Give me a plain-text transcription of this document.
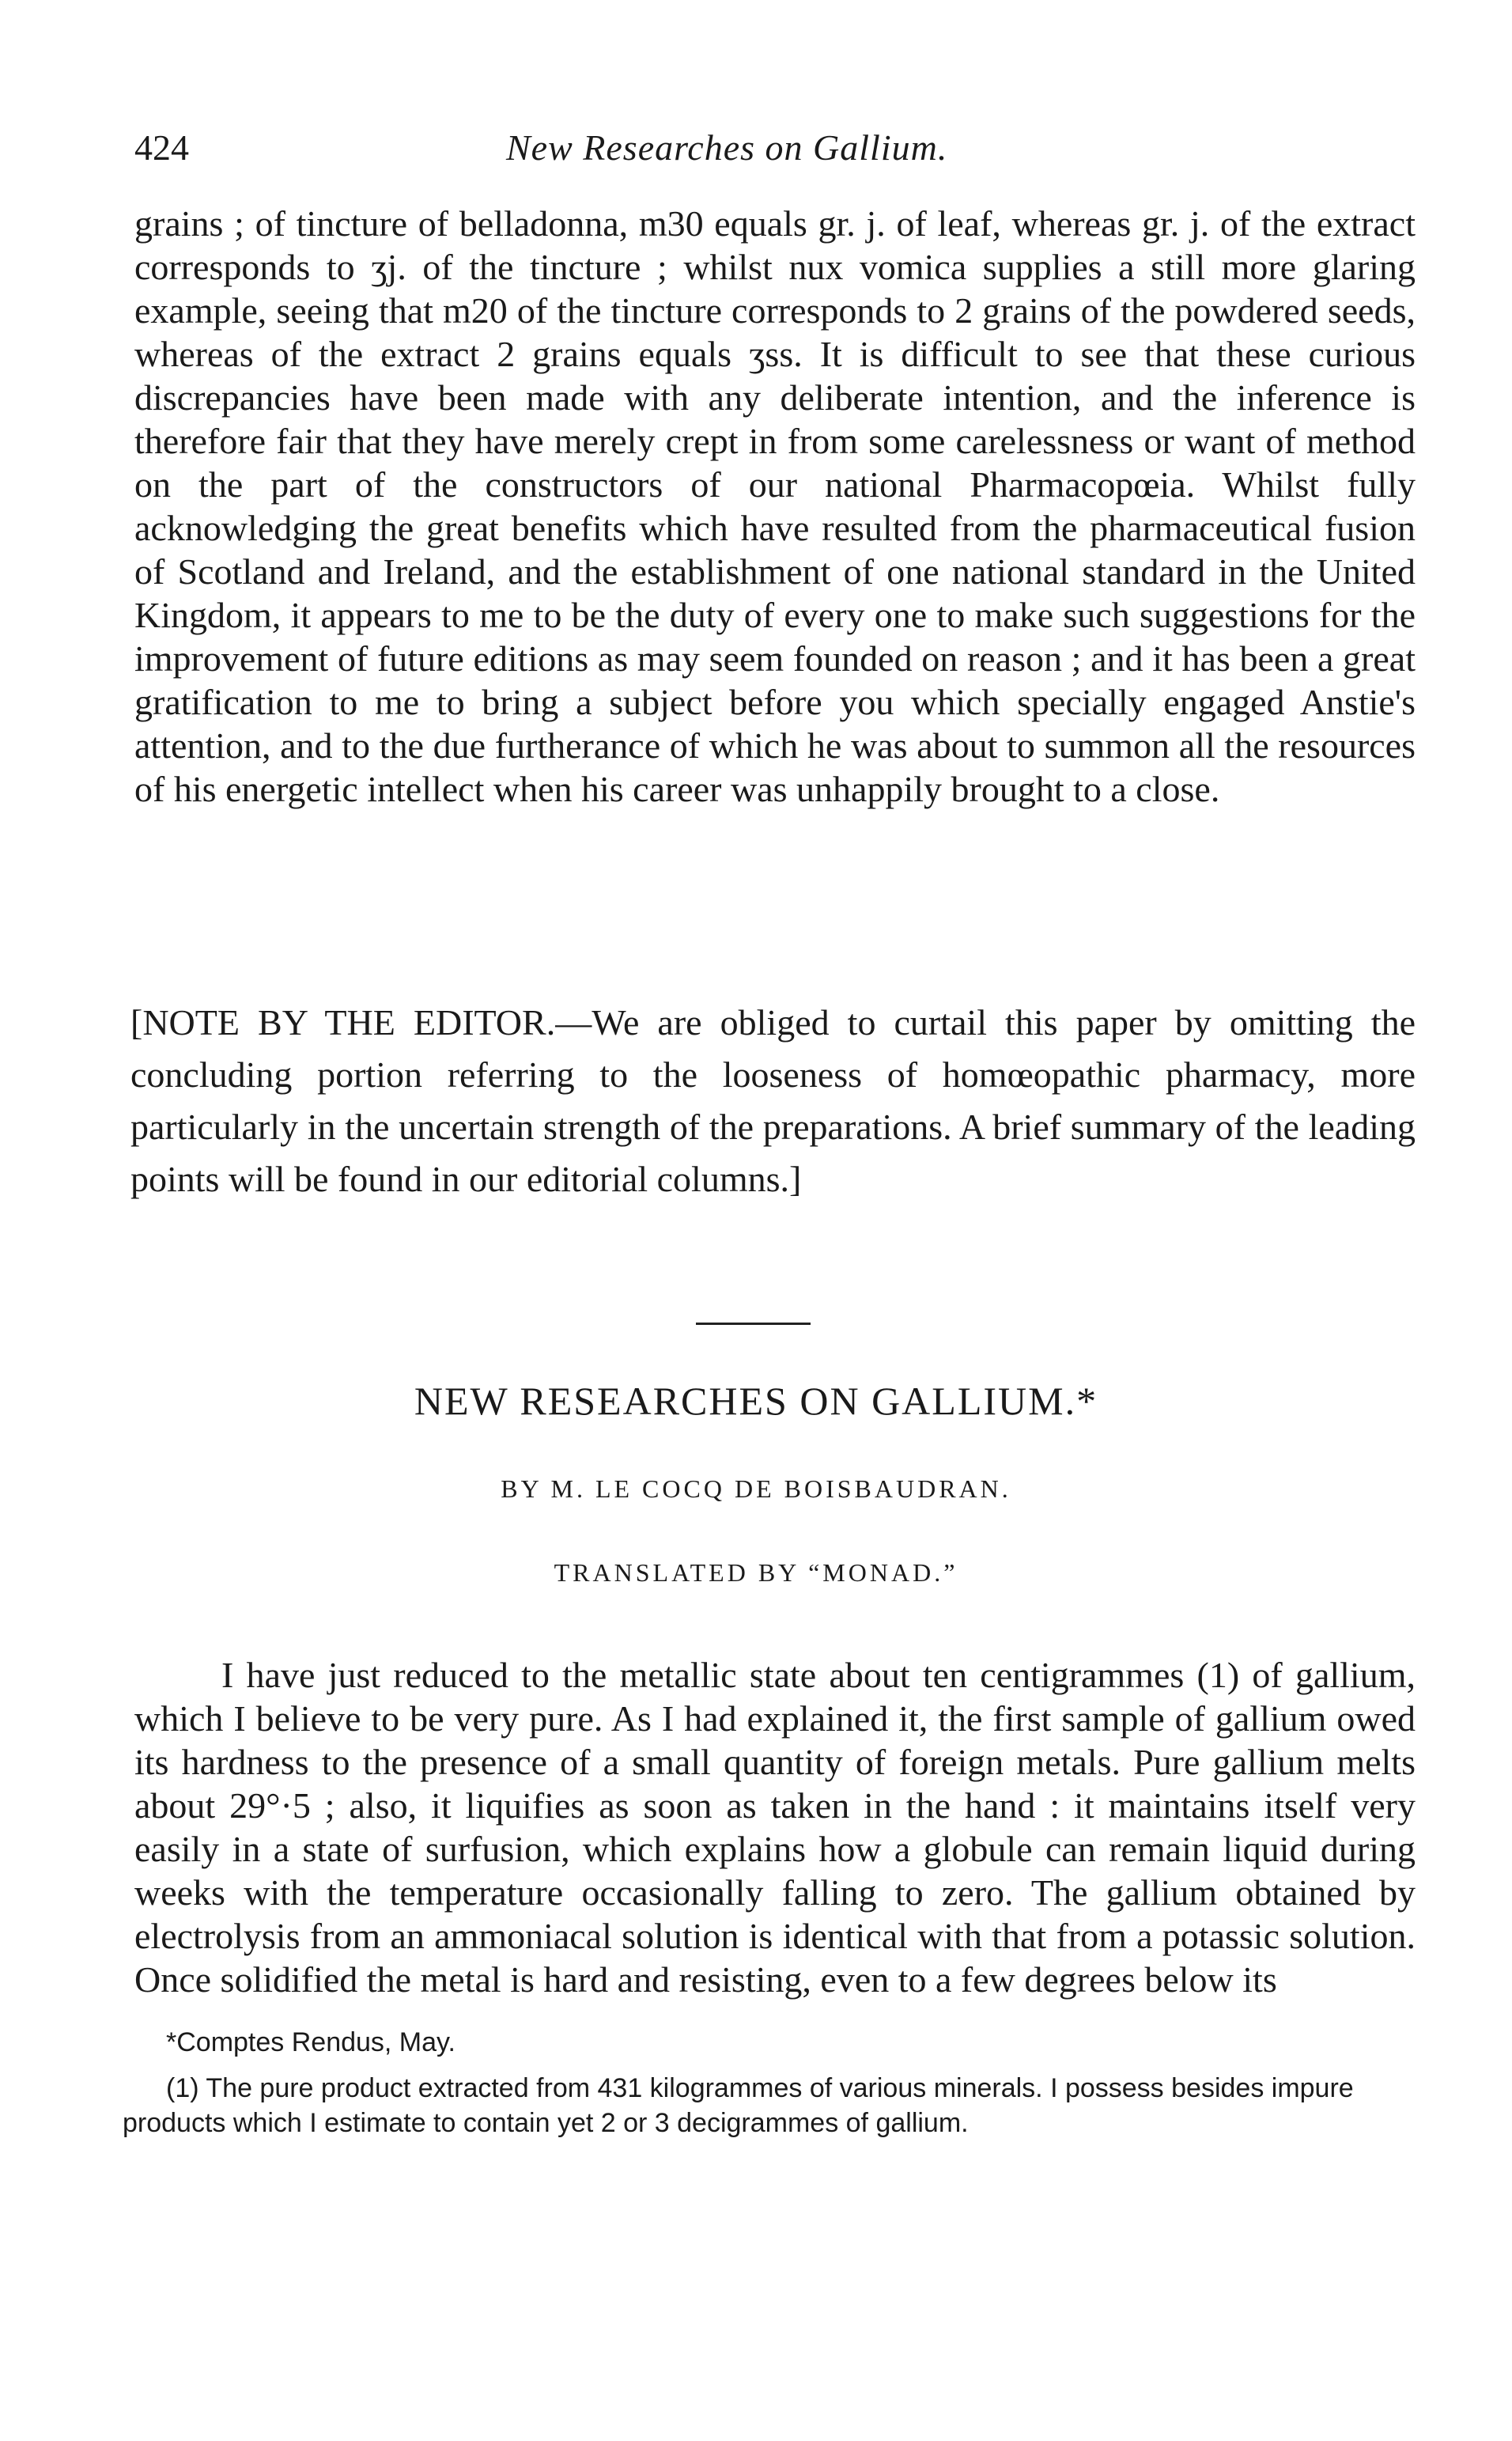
424	New Researches on Gallium.

grains ; of tincture of belladonna, m30 equals gr. j. of leaf, whereas gr. j. of the extract corresponds to ʒj. of the tincture ; whilst nux vomica supplies a still more glaring example, seeing that m20 of the tincture corresponds to 2 grains of the powdered seeds, whereas of the extract 2 grains equals ʒss. It is difficult to see that these curious discrepancies have been made with any deliberate intention, and the inference is therefore fair that they have merely crept in from some carelessness or want of method on the part of the constructors of our national Pharmacopœia. Whilst fully acknowledging the great benefits which have resulted from the pharmaceutical fusion of Scotland and Ireland, and the establishment of one national standard in the United Kingdom, it appears to me to be the duty of every one to make such suggestions for the improvement of future editions as may seem founded on reason ; and it has been a great gratification to me to bring a subject before you which specially engaged Anstie's attention, and to the due furtherance of which he was about to summon all the resources of his energetic intellect when his career was unhappily brought to a close.

[NOTE BY THE EDITOR.—We are obliged to curtail this paper by omitting the concluding portion referring to the looseness of homœopathic pharmacy, more particularly in the uncertain strength of the preparations. A brief summary of the leading points will be found in our editorial columns.]

NEW RESEARCHES ON GALLIUM.*
BY M. LE COCQ DE BOISBAUDRAN.
TRANSLATED BY “MONAD.”

I have just reduced to the metallic state about ten centigrammes (1) of gallium, which I believe to be very pure. As I had explained it, the first sample of gallium owed its hardness to the presence of a small quantity of foreign metals. Pure gallium melts about 29°·5 ; also, it liquifies as soon as taken in the hand : it maintains itself very easily in a state of surfusion, which explains how a globule can remain liquid during weeks with the temperature occasionally falling to zero. The gallium obtained by electrolysis from an ammoniacal solution is identical with that from a potassic solution. Once solidified the metal is hard and resisting, even to a few degrees below its

*Comptes Rendus, May.

(1) The pure product extracted from 431 kilogrammes of various minerals. I possess besides impure products which I estimate to contain yet 2 or 3 decigrammes of gallium.
